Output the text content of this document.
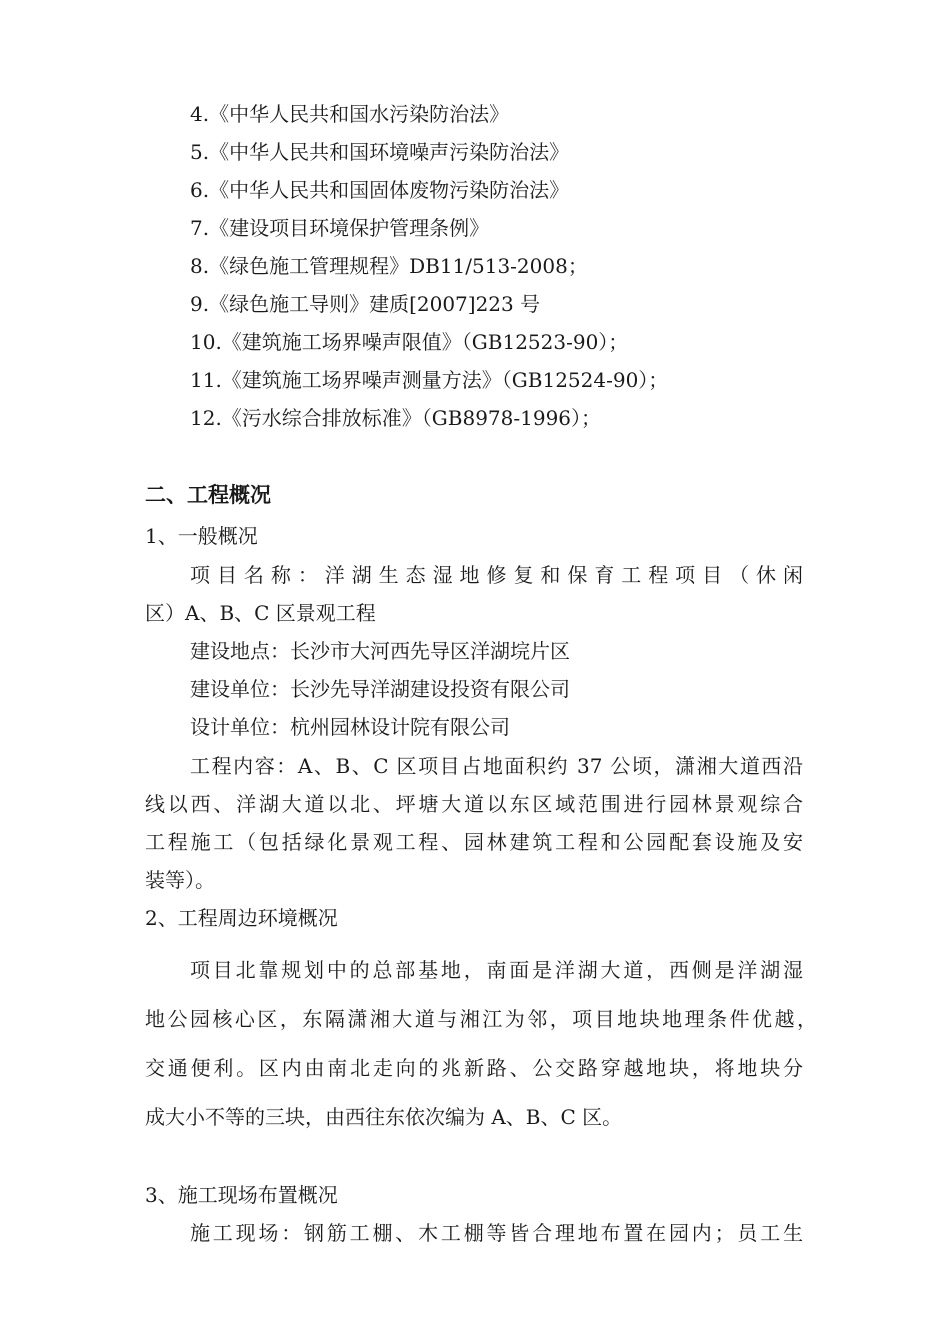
4.《中华人民共和国水污染防治法》

5.《中华人民共和国环境噪声污染防治法》

6.《中华人民共和国固体废物污染防治法》

7.《建设项目环境保护管理条例》

8.《绿色施工管理规程》DB11/513-2008；

9.《绿色施工导则》建质[2007]223 号

10.《建筑施工场界噪声限值》（GB12523-90）；

11.《建筑施工场界噪声测量方法》（GB12524-90）；

12.《污水综合排放标准》（GB8978-1996）；

二、工程概况

1、一般概况

项目名称：洋湖生态湿地修复和保育工程项目（休闲

区）A、B、C 区景观工程

建设地点：长沙市大河西先导区洋湖垸片区

建设单位：长沙先导洋湖建设投资有限公司

设计单位：杭州园林设计院有限公司

工程内容：A、B、C 区项目占地面积约 37 公顷，潇湘大道西沿

线以西、洋湖大道以北、坪塘大道以东区域范围进行园林景观综合

工程施工（包括绿化景观工程、园林建筑工程和公园配套设施及安

装等）。

2、工程周边环境概况

项目北靠规划中的总部基地，南面是洋湖大道，西侧是洋湖湿

地公园核心区，东隔潇湘大道与湘江为邻，项目地块地理条件优越，

交通便利。区内由南北走向的兆新路、公交路穿越地块，将地块分

成大小不等的三块，由西往东依次编为 A、B、C 区。

3、施工现场布置概况

施工现场：钢筋工棚、木工棚等皆合理地布置在园内；员工生
